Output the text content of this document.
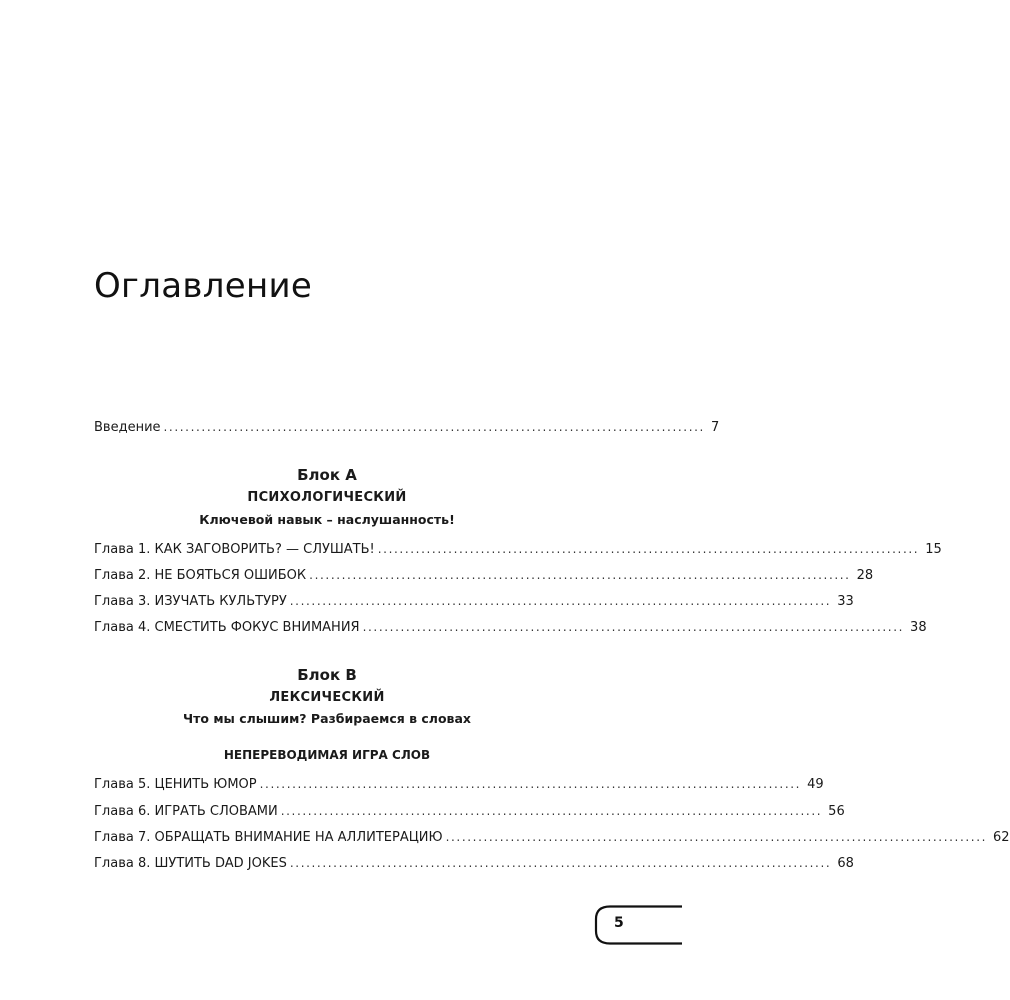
Оглавление
Введение .................................................................................................... 7

Блок А

ПСИХОЛОГИЧЕСКИЙ

Ключевой навык – наслушанность!

Глава 1. КАК ЗАГОВОРИТЬ? — СЛУШАТЬ! .................................................................................................... 15
Глава 2. НЕ БОЯТЬСЯ ОШИБОК .................................................................................................... 28
Глава 3. ИЗУЧАТЬ КУЛЬТУРУ .................................................................................................... 33
Глава 4. СМЕСТИТЬ ФОКУС ВНИМАНИЯ .................................................................................................... 38

Блок В

ЛЕКСИЧЕСКИЙ

Что мы слышим? Разбираемся в словах

НЕПЕРЕВОДИМАЯ ИГРА СЛОВ

Глава 5. ЦЕНИТЬ ЮМОР .................................................................................................... 49
Глава 6. ИГРАТЬ СЛОВАМИ .................................................................................................... 56
Глава 7. ОБРАЩАТЬ ВНИМАНИЕ НА АЛЛИТЕРАЦИЮ .................................................................................................... 62
Глава 8. ШУТИТЬ DAD JOKES .................................................................................................... 68
5
